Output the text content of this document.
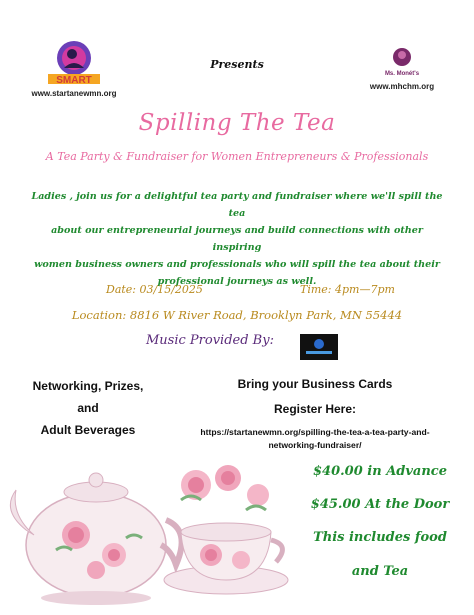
SMART
www.startanewmn.org
Presents
Ms. Monét's
www.mhchm.org
Spilling The Tea
A Tea Party & Fundraiser for Women Entrepreneurs & Professionals
Ladies , join us for a delightful tea party and fundraiser where we'll spill the tea
about our entrepreneurial journeys and build connections with other inspiring
women business owners and professionals who will spill the tea about their
professional journeys as well.
Date: 03/15/2025	Time: 4pm—7pm
Location: 8816 W River Road, Brooklyn Park, MN 55444
Music Provided By:
Networking, Prizes,
and
Adult Beverages
Bring your Business Cards
Register Here:
https://startanewmn.org/spilling-the-tea-a-tea-party-and-
networking-fundraiser/
$40.00 in Advance
$45.00 At the Door
This includes food
and Tea
